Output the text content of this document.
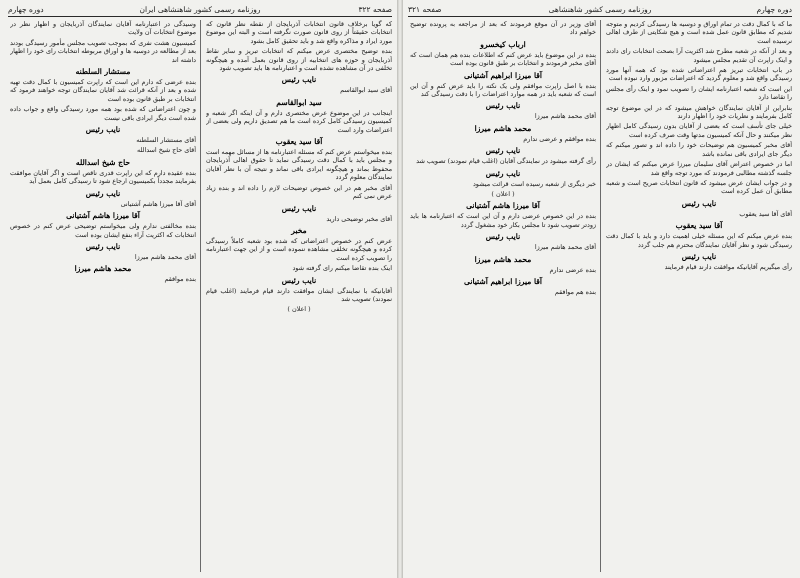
صفحه ۳۲۲
روزنامه رسمی کشور شاهنشاهی ایران
دوره چهارم

که گویا برخلاف قانون انتخابات آذربایجان از نقطه نظر قانون که انتخابات حقیقتاً از روی قانون صورت نگرفته است و البته این موضوع مورد ایراد و مذاکره واقع شد و باید تحقیق کامل بشود

بنده توضیح مختصری عرض میکنم که انتخابات تبریز و سایر نقاط آذربایجان و حوزه های انتخابیه از روی قانون بعمل آمده و هیچگونه تخلفی در آن مشاهده نشده است و اعتبارنامه ها باید تصویب شود

نایب رئیس

آقای سید ابوالقاسم

سید ابوالقاسم

اینجانب در این موضوع عرض مختصری دارم و آن اینکه اگر شعبه و کمیسیون رسیدگی کامل کرده است ما هم تصدیق داریم ولی بعضی از اعتراضات وارد است

آقا سید یعقوب

بنده میخواستم عرض کنم که مسئله اعتبارنامه ها از مسائل مهمه است و مجلس باید با کمال دقت رسیدگی نماید تا حقوق اهالی آذربایجان محفوظ بماند و هیچگونه ایرادی باقی نماند و نتیجه آن با نظر آقایان نمایندگان معلوم گردد

آقای مخبر هم در این خصوص توضیحات لازم را داده اند و بنده زیاد عرض نمی کنم

نایب رئیس

آقای مخبر توضیحی دارید

مخبر

عرض کنم در خصوص اعتراضاتی که شده بود شعبه کاملاً رسیدگی کرده و هیچگونه تخلفی مشاهده ننموده است و از این جهت اعتبارنامه را تصویب کرده است

اینک بنده تقاضا میکنم رای گرفته شود

نایب رئیس

آقایانیکه با نمایندگی ایشان موافقت دارند قیام فرمایند (اغلب قیام نمودند) تصویب شد

( اعلان )

وسیدگی در اعتبارنامه آقایان نمایندگان آذربایجان و اظهار نظر در موضوع انتخابات آن ولایت

کمیسیون هشت نفری که بموجب تصویب مجلس مأمور رسیدگی بودند بعد از مطالعه در دوسیه ها و اوراق مربوطه انتخابات رای خود را اظهار داشته اند

مستشار السلطنه

بنده عرضی که دارم این است که راپرت کمیسیون با کمال دقت تهیه شده و بعد از آنکه قرائت شد آقایان نمایندگان توجه خواهند فرمود که انتخابات بر طبق قانون بوده است

و چون اعتراضاتی که شده بود همه مورد رسیدگی واقع و جواب داده شده است دیگر ایرادی باقی نیست

نایب رئیس

آقای مستشار السلطنه

آقای حاج شیخ اسدالله

حاج شیخ اسدالله

بنده عقیده دارم که این راپرت قدری ناقص است و اگر آقایان موافقت بفرمایند مجدداً بکمیسیون ارجاع شود تا رسیدگی کامل بعمل آید

نایب رئیس

آقای آقا میرزا هاشم آشتیانی

آقا میرزا هاشم آشتیانی

بنده مخالفتی ندارم ولی میخواستم توضیحی عرض کنم در خصوص انتخابات که اکثریت آراء بنفع ایشان بوده است

نایب رئیس

آقای محمد هاشم میرزا

محمد هاشم میرزا

بنده موافقم

دوره چهارم
روزنامه رسمی کشور شاهنشاهی
صفحه ۳۲۱

ما که با کمال دقت در تمام اوراق و دوسیه ها رسیدگی کردیم و متوجه شدیم که مطابق قانون عمل شده است و هیچ شکایتی از طرف اهالی نرسیده است

و بعد از آنکه در شعبه مطرح شد اکثریت آرا بصحت انتخابات رای دادند و اینک راپرت آن تقدیم مجلس میشود

در باب انتخابات تبریز هم اعتراضاتی شده بود که همه آنها مورد رسیدگی واقع شد و معلوم گردید که اعتراضات مزبور وارد نبوده است

این است که شعبه اعتبارنامه ایشان را تصویب نمود و اینک رأی مجلس را تقاضا دارد

بنابراین از آقایان نمایندگان خواهش میشود که در این موضوع توجه کامل بفرمایند و نظریات خود را اظهار دارند

خیلی جای تأسف است که بعضی از آقایان بدون رسیدگی کامل اظهار نظر میکنند و حال آنکه کمیسیون مدتها وقت صرف کرده است

آقای مخبر کمیسیون هم توضیحات خود را داده اند و تصور میکنم که دیگر جای ایرادی باقی نمانده باشد

اما در خصوص اعتراض آقای سلیمان میرزا عرض میکنم که ایشان در جلسه گذشته مطالبی فرمودند که مورد توجه واقع شد

و در جواب ایشان عرض میشود که قانون انتخابات صریح است و شعبه مطابق آن عمل کرده است

نایب رئیس

آقای آقا سید یعقوب

آقا سید یعقوب

بنده عرض میکنم که این مسئله خیلی اهمیت دارد و باید با کمال دقت رسیدگی شود و نظر آقایان نمایندگان محترم هم جلب گردد

نایب رئیس

رأی میگیریم آقایانیکه موافقت دارند قیام فرمایند

آقای وزیر در آن موقع فرمودند که بعد از مراجعه به پرونده توضیح خواهم داد

ارباب کیخسرو

بنده در این موضوع باید عرض کنم که اطلاعات بنده هم همان است که آقای مخبر فرمودند و انتخابات بر طبق قانون بوده است

آقا میرزا ابراهیم آشتیانی

بنده با اصل راپرت موافقم ولی یک نکته را باید عرض کنم و آن این است که شعبه باید در همه موارد اعتراضات را با دقت رسیدگی کند

نایب رئیس

آقای محمد هاشم میرزا

محمد هاشم میرزا

بنده موافقم و عرضی ندارم

نایب رئیس

رأی گرفته میشود در نمایندگی آقایان (اغلب قیام نمودند) تصویب شد

نایب رئیس

خبر دیگری از شعبه رسیده است قرائت میشود

( اعلان )

آقا میرزا هاشم آشتیانی

بنده در این خصوص عرضی دارم و آن این است که اعتبارنامه ها باید زودتر تصویب شود تا مجلس بکار خود مشغول گردد

نایب رئیس

آقای محمد هاشم میرزا

محمد هاشم میرزا

بنده عرضی ندارم

آقا میرزا ابراهیم آشتیانی

بنده هم موافقم
